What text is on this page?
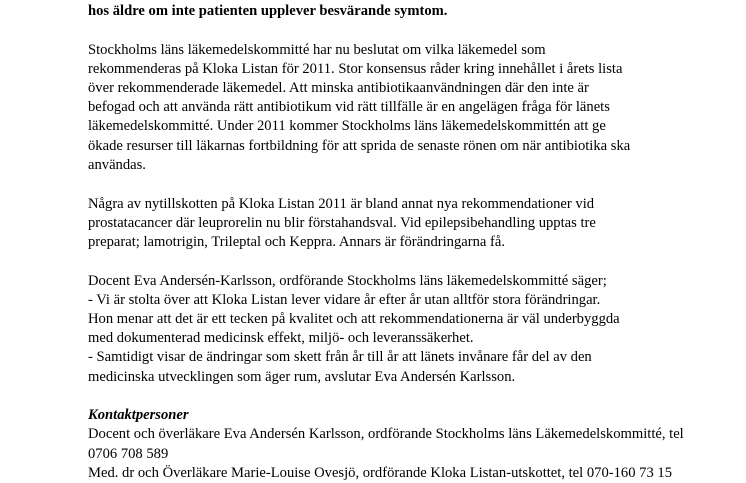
hos äldre om inte patienten upplever besvärande symtom.
Stockholms läns läkemedelskommitté har nu beslutat om vilka läkemedel som
rekommenderas på Kloka Listan för 2011. Stor konsensus råder kring innehållet i årets lista
över rekommenderade läkemedel. Att minska antibiotikaanvändningen där den inte är
befogad och att använda rätt antibiotikum vid rätt tillfälle är en angelägen fråga för länets
läkemedelskommitté. Under 2011 kommer Stockholms läns läkemedelskommittén att ge
ökade resurser till läkarnas fortbildning för att sprida de senaste rönen om när antibiotika ska
användas.
Några av nytillskotten på Kloka Listan 2011 är bland annat nya rekommendationer vid
prostatacancer där leuprorelin nu blir förstahandsval. Vid epilepsibehandling upptas tre
preparat; lamotrigin, Trileptal och Keppra. Annars är förändringarna få.
Docent Eva Andersén-Karlsson, ordförande Stockholms läns läkemedelskommitté säger;
- Vi är stolta över att Kloka Listan lever vidare år efter år utan alltför stora förändringar.
Hon menar att det är ett tecken på kvalitet och att rekommendationerna är väl underbyggda
med dokumenterad medicinsk effekt, miljö- och leveranssäkerhet.
- Samtidigt visar de ändringar som skett från år till år att länets invånare får del av den
medicinska utvecklingen som äger rum, avslutar Eva Andersén Karlsson.
Kontaktpersoner
Docent och överläkare Eva Andersén Karlsson, ordförande Stockholms läns Läkemedelskommitté, tel
0706 708 589
Med. dr och Överläkare Marie-Louise Ovesjö, ordförande Kloka Listan-utskottet, tel 070-160 73 15
